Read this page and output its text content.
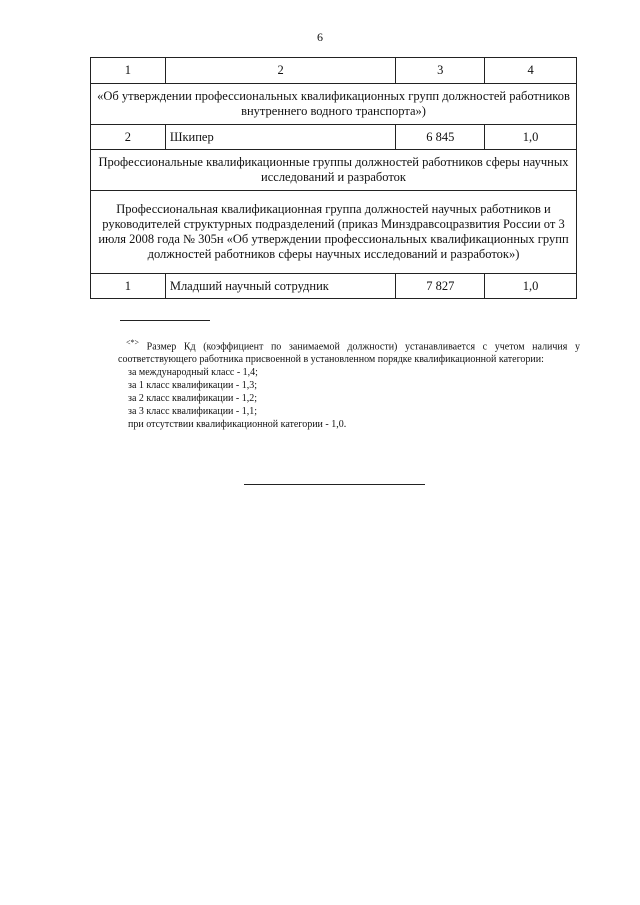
6
1	2	3	4
«Об утверждении профессиональных квалификационных групп должностей работников внутреннего водного транспорта»)			
2	Шкипер	6 845	1,0
Профессиональные квалификационные группы должностей работников сферы научных исследований и разработок			
Профессиональная квалификационная группа должностей научных работников и руководителей структурных подразделений (приказ Минздравсоцразвития России от 3 июля 2008 года № 305н «Об утверждении профессиональных квалификационных групп должностей работников сферы научных исследований и разработок»)			
1	Младший научный сотрудник	7 827	1,0

<*> Размер Кд (коэффициент по занимаемой должности) устанавливается с учетом наличия у соответствующего работника присвоенной в установленном порядке квалификационной категории:

за международный класс - 1,4;
за 1 класс квалификации - 1,3;
за 2 класс квалификации - 1,2;
за 3 класс квалификации - 1,1;
при отсутствии квалификационной категории - 1,0.
